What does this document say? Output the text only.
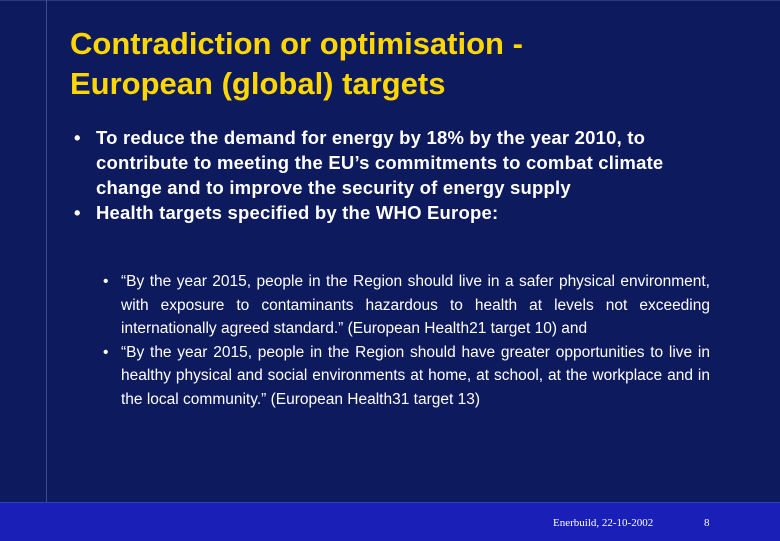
Contradiction or optimisation -
European (global) targets
• To reduce the demand for energy by 18% by the year 2010, to contribute to meeting the EU’s commitments to combat climate change and to improve the security of energy supply
• Health targets specified by the WHO Europe:
• “By the year 2015, people in the Region should live in a safer physical environment, with exposure to contaminants hazardous to health at levels not exceeding internationally agreed standard.” (European Health21 target 10) and
• “By the year 2015, people in the Region should have greater opportunities to live in healthy physical and social environments at home, at school, at the workplace and in the local community.” (European Health31 target 13)
Enerbuild, 22-10-2002	8
